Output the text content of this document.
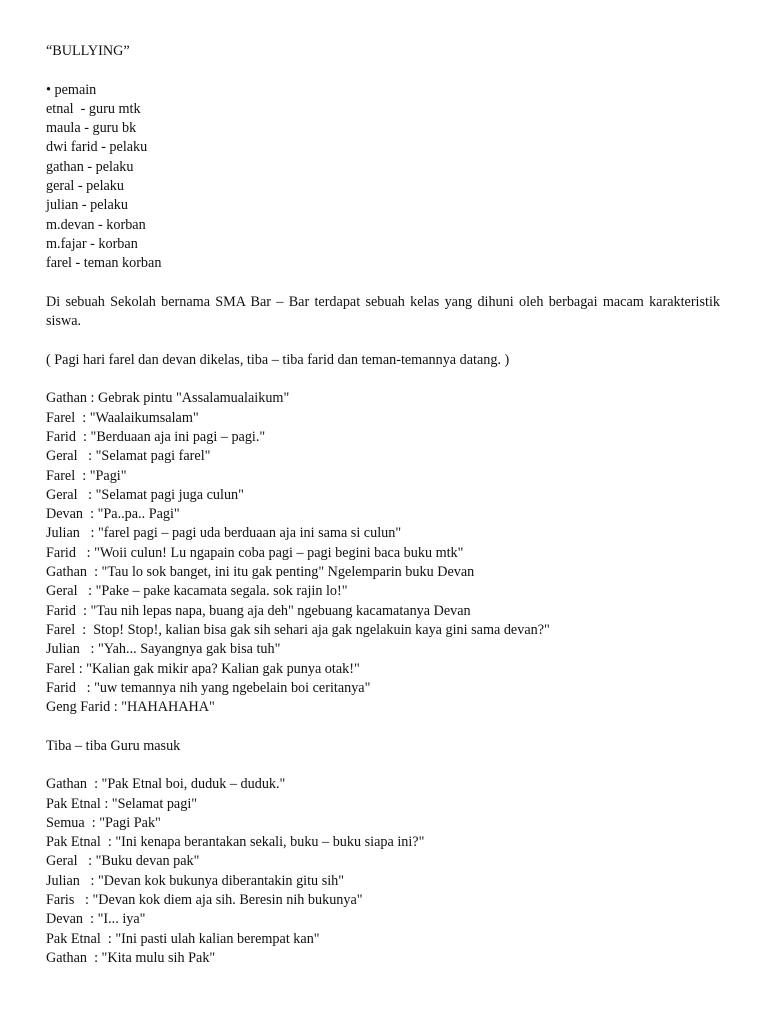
“BULLYING”
• pemain
etnal  - guru mtk
maula - guru bk
dwi farid - pelaku
gathan - pelaku
geral - pelaku
julian - pelaku
m.devan - korban
m.fajar - korban
farel - teman korban
Di sebuah Sekolah bernama SMA Bar – Bar terdapat sebuah kelas yang dihuni oleh berbagai macam karakteristik siswa.
( Pagi hari farel dan devan dikelas, tiba – tiba farid dan teman-temannya datang. )
Gathan : Gebrak pintu "Assalamualaikum"
Farel  : "Waalaikumsalam"
Farid  : "Berduaan aja ini pagi – pagi."
Geral   : "Selamat pagi farel"
Farel  : "Pagi"
Geral   : "Selamat pagi juga culun"
Devan  : "Pa..pa.. Pagi"
Julian   : "farel pagi – pagi uda berduaan aja ini sama si culun"
Farid   : "Woii culun! Lu ngapain coba pagi – pagi begini baca buku mtk"
Gathan  : "Tau lo sok banget, ini itu gak penting" Ngelemparin buku Devan
Geral   : "Pake – pake kacamata segala. sok rajin lo!"
Farid  : "Tau nih lepas napa, buang aja deh" ngebuang kacamatanya Devan
Farel  :  Stop! Stop!, kalian bisa gak sih sehari aja gak ngelakuin kaya gini sama devan?"
Julian   : "Yah... Sayangnya gak bisa tuh"
Farel : "Kalian gak mikir apa? Kalian gak punya otak!"
Farid   : "uw temannya nih yang ngebelain boi ceritanya"
Geng Farid : "HAHAHAHA"
Tiba – tiba Guru masuk
Gathan  : "Pak Etnal boi, duduk – duduk."
Pak Etnal : "Selamat pagi"
Semua  : "Pagi Pak"
Pak Etnal  : "Ini kenapa berantakan sekali, buku – buku siapa ini?"
Geral   : "Buku devan pak"
Julian   : "Devan kok bukunya diberantakin gitu sih"
Faris   : "Devan kok diem aja sih. Beresin nih bukunya"
Devan  : "I... iya"
Pak Etnal  : "Ini pasti ulah kalian berempat kan"
Gathan  : "Kita mulu sih Pak"
